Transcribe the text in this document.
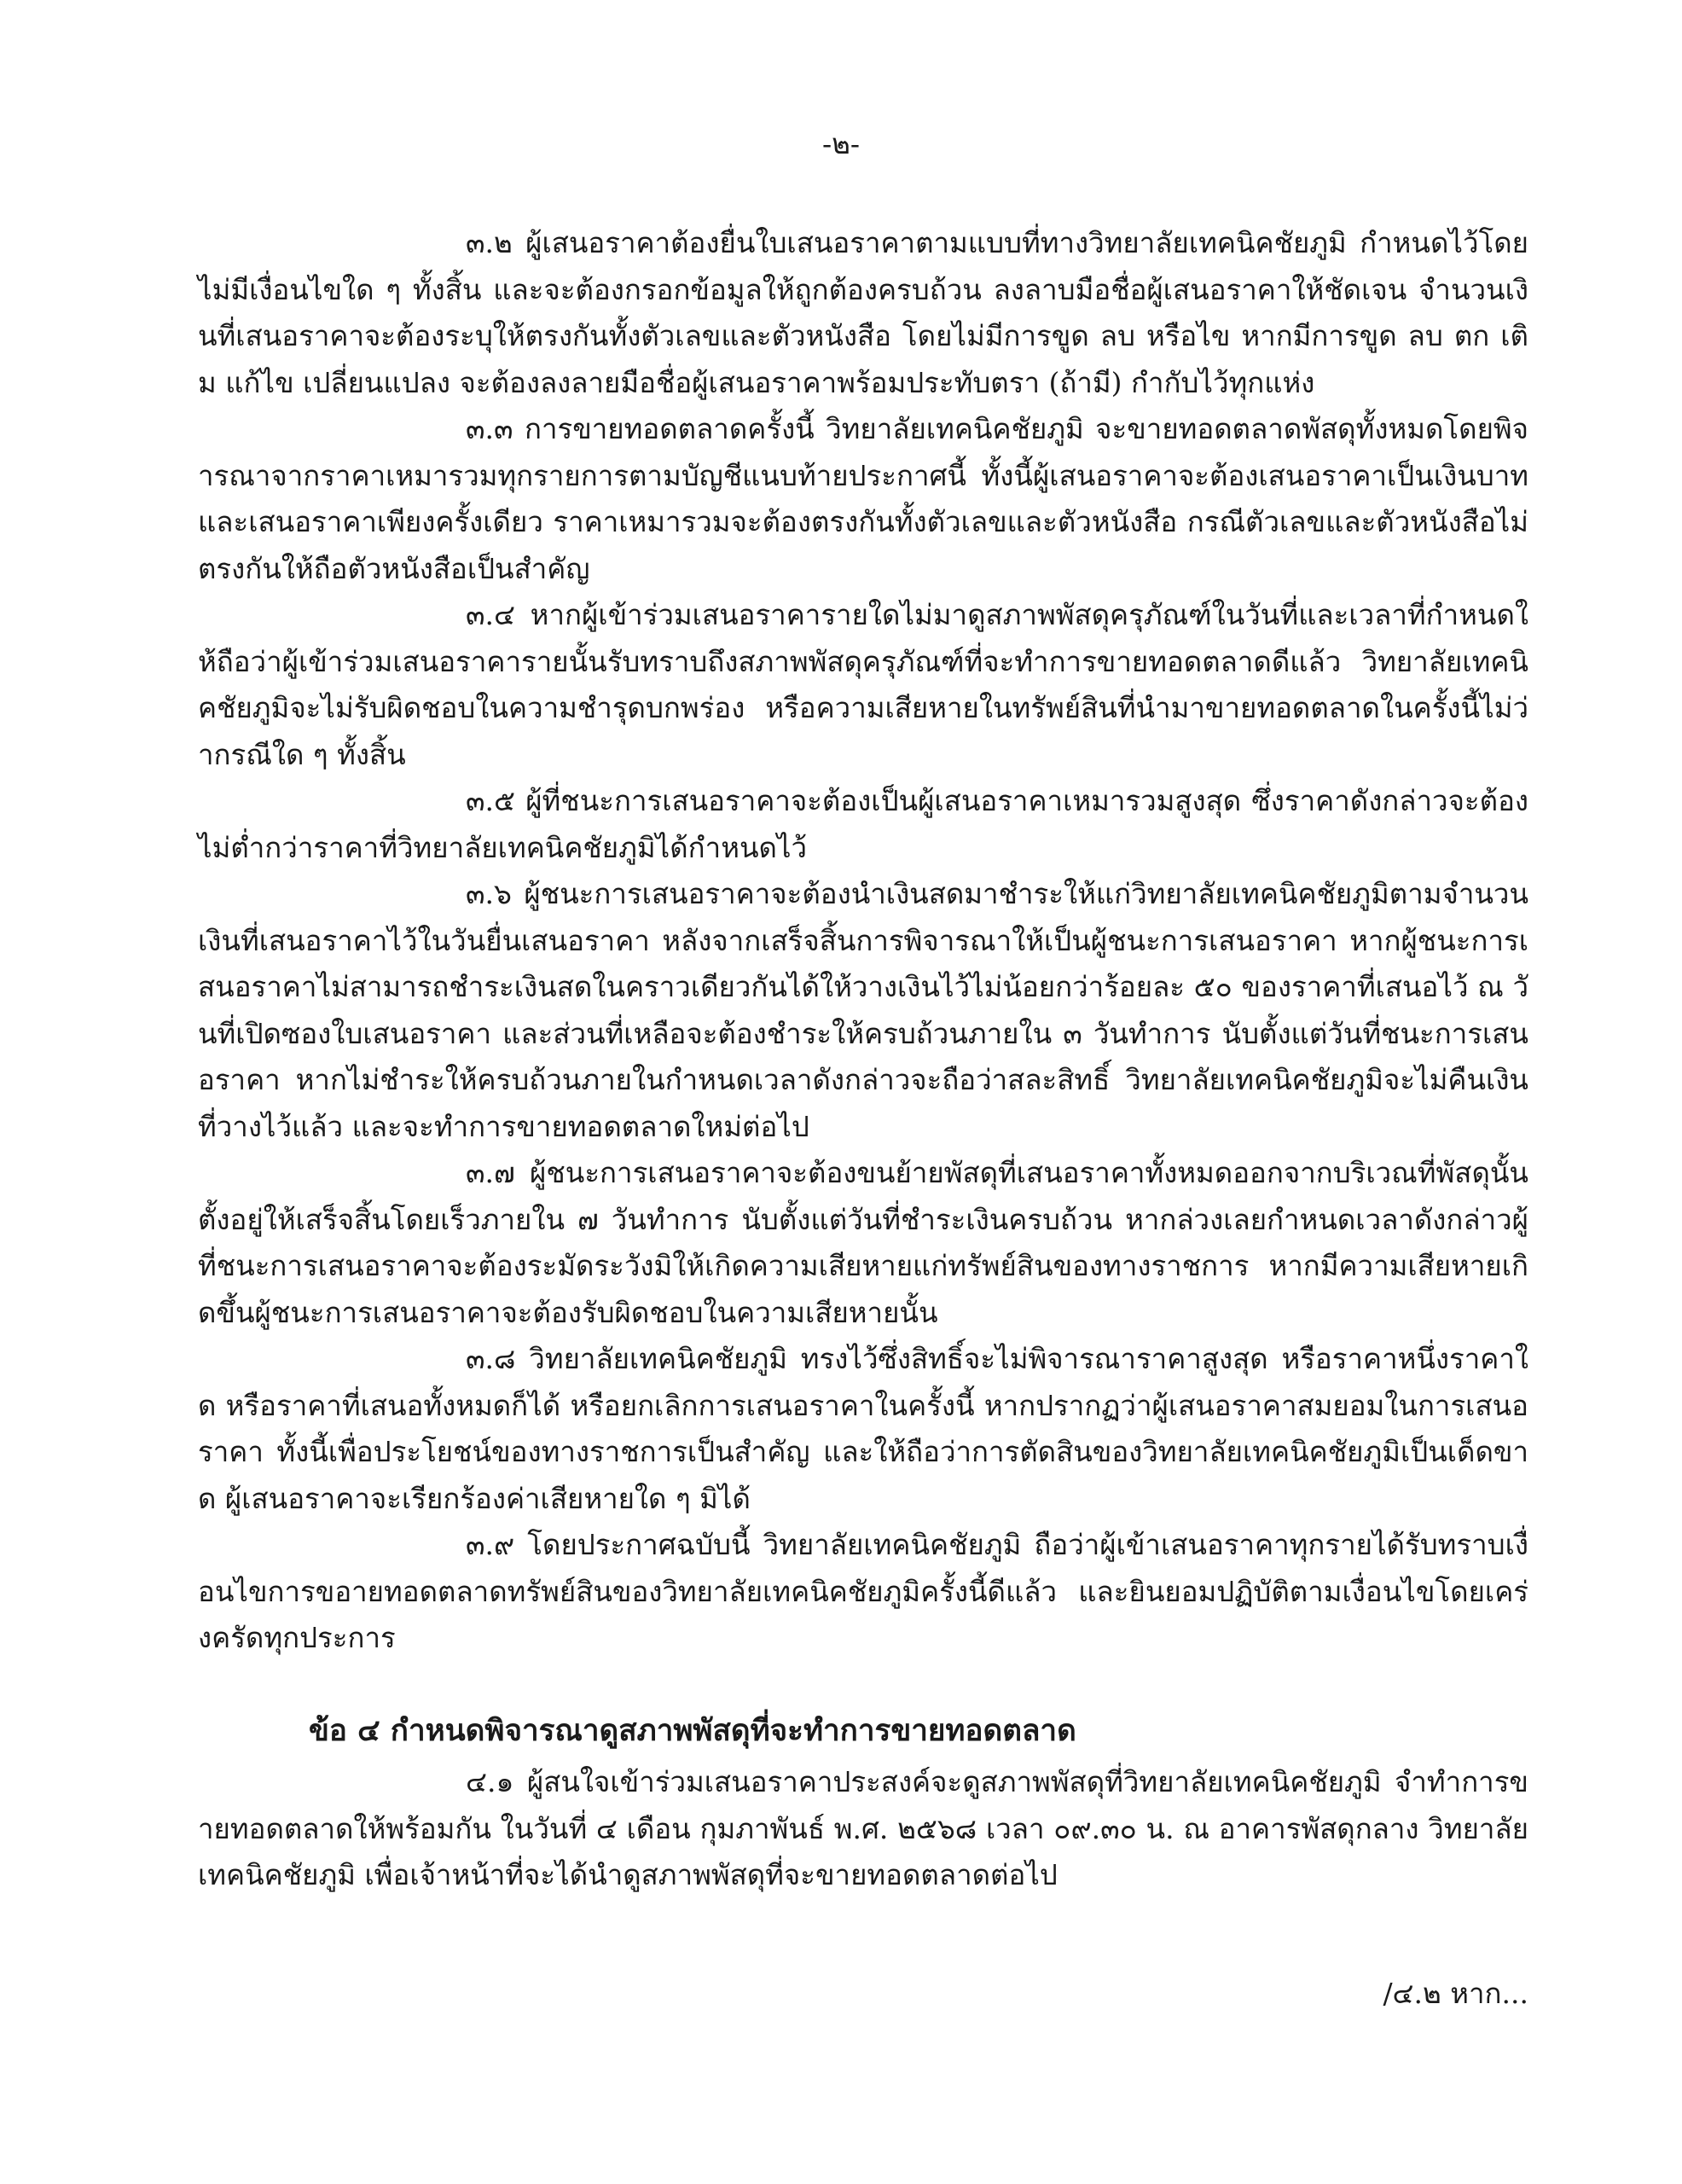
-๒-

๓.๒ ผู้เสนอราคาต้องยื่นใบเสนอราคาตามแบบที่ทางวิทยาลัยเทคนิคชัยภูมิ กำหนดไว้โดยไม่มีเงื่อนไขใด ๆ ทั้งสิ้น และจะต้องกรอกข้อมูลให้ถูกต้องครบถ้วน ลงลาบมือชื่อผู้เสนอราคาให้ชัดเจน จำนวนเงินที่เสนอราคาจะต้องระบุให้ตรงกันทั้งตัวเลขและตัวหนังสือ โดยไม่มีการขูด ลบ หรือไข หากมีการขูด ลบ ตก เติม แก้ไข เปลี่ยนแปลง จะต้องลงลายมือชื่อผู้เสนอราคาพร้อมประทับตรา (ถ้ามี) กำกับไว้ทุกแห่ง

๓.๓ การขายทอดตลาดครั้งนี้ วิทยาลัยเทคนิคชัยภูมิ จะขายทอดตลาดพัสดุทั้งหมดโดยพิจารณาจากราคาเหมารวมทุกรายการตามบัญชีแนบท้ายประกาศนี้ ทั้งนี้ผู้เสนอราคาจะต้องเสนอราคาเป็นเงินบาทและเสนอราคาเพียงครั้งเดียว ราคาเหมารวมจะต้องตรงกันทั้งตัวเลขและตัวหนังสือ กรณีตัวเลขและตัวหนังสือไม่ตรงกันให้ถือตัวหนังสือเป็นสำคัญ

๓.๔ หากผู้เข้าร่วมเสนอราคารายใดไม่มาดูสภาพพัสดุครุภัณฑ์ในวันที่และเวลาที่กำหนดให้ถือว่าผู้เข้าร่วมเสนอราคารายนั้นรับทราบถึงสภาพพัสดุครุภัณฑ์ที่จะทำการขายทอดตลาดดีแล้ว วิทยาลัยเทคนิคชัยภูมิจะไม่รับผิดชอบในความชำรุดบกพร่อง หรือความเสียหายในทรัพย์สินที่นำมาขายทอดตลาดในครั้งนี้ไม่ว่ากรณีใด ๆ ทั้งสิ้น

๓.๕ ผู้ที่ชนะการเสนอราคาจะต้องเป็นผู้เสนอราคาเหมารวมสูงสุด ซึ่งราคาดังกล่าวจะต้องไม่ต่ำกว่าราคาที่วิทยาลัยเทคนิคชัยภูมิได้กำหนดไว้

๓.๖ ผู้ชนะการเสนอราคาจะต้องนำเงินสดมาชำระให้แก่วิทยาลัยเทคนิคชัยภูมิตามจำนวนเงินที่เสนอราคาไว้ในวันยื่นเสนอราคา หลังจากเสร็จสิ้นการพิจารณาให้เป็นผู้ชนะการเสนอราคา หากผู้ชนะการเสนอราคาไม่สามารถชำระเงินสดในคราวเดียวกันได้ให้วางเงินไว้ไม่น้อยกว่าร้อยละ ๕๐ ของราคาที่เสนอไว้ ณ วันที่เปิดซองใบเสนอราคา และส่วนที่เหลือจะต้องชำระให้ครบถ้วนภายใน ๓ วันทำการ นับตั้งแต่วันที่ชนะการเสนอราคา หากไม่ชำระให้ครบถ้วนภายในกำหนดเวลาดังกล่าวจะถือว่าสละสิทธิ์ วิทยาลัยเทคนิคชัยภูมิจะไม่คืนเงินที่วางไว้แล้ว และจะทำการขายทอดตลาดใหม่ต่อไป

๓.๗ ผู้ชนะการเสนอราคาจะต้องขนย้ายพัสดุที่เสนอราคาทั้งหมดออกจากบริเวณที่พัสดุนั้นตั้งอยู่ให้เสร็จสิ้นโดยเร็วภายใน ๗ วันทำการ นับตั้งแต่วันที่ชำระเงินครบถ้วน หากล่วงเลยกำหนดเวลาดังกล่าวผู้ที่ชนะการเสนอราคาจะต้องระมัดระวังมิให้เกิดความเสียหายแก่ทรัพย์สินของทางราชการ หากมีความเสียหายเกิดขึ้นผู้ชนะการเสนอราคาจะต้องรับผิดชอบในความเสียหายนั้น

๓.๘ วิทยาลัยเทคนิคชัยภูมิ ทรงไว้ซึ่งสิทธิ์จะไม่พิจารณาราคาสูงสุด หรือราคาหนึ่งราคาใด หรือราคาที่เสนอทั้งหมดก็ได้ หรือยกเลิกการเสนอราคาในครั้งนี้ หากปรากฏว่าผู้เสนอราคาสมยอมในการเสนอราคา ทั้งนี้เพื่อประโยชน์ของทางราชการเป็นสำคัญ และให้ถือว่าการตัดสินของวิทยาลัยเทคนิคชัยภูมิเป็นเด็ดขาด ผู้เสนอราคาจะเรียกร้องค่าเสียหายใด ๆ มิได้

๓.๙ โดยประกาศฉบับนี้ วิทยาลัยเทคนิคชัยภูมิ ถือว่าผู้เข้าเสนอราคาทุกรายได้รับทราบเงื่อนไขการขอายทอดตลาดทรัพย์สินของวิทยาลัยเทคนิคชัยภูมิครั้งนี้ดีแล้ว และยินยอมปฏิบัติตามเงื่อนไขโดยเคร่งครัดทุกประการ

ข้อ ๔ กำหนดพิจารณาดูสภาพพัสดุที่จะทำการขายทอดตลาด

๔.๑ ผู้สนใจเข้าร่วมเสนอราคาประสงค์จะดูสภาพพัสดุที่วิทยาลัยเทคนิคชัยภูมิ จำทำการขายทอดตลาดให้พร้อมกัน ในวันที่ ๔ เดือน กุมภาพันธ์ พ.ศ. ๒๕๖๘ เวลา ๐๙.๓๐ น. ณ อาคารพัสดุกลาง วิทยาลัยเทคนิคชัยภูมิ เพื่อเจ้าหน้าที่จะได้นำดูสภาพพัสดุที่จะขายทอดตลาดต่อไป

/๔.๒ หาก...
